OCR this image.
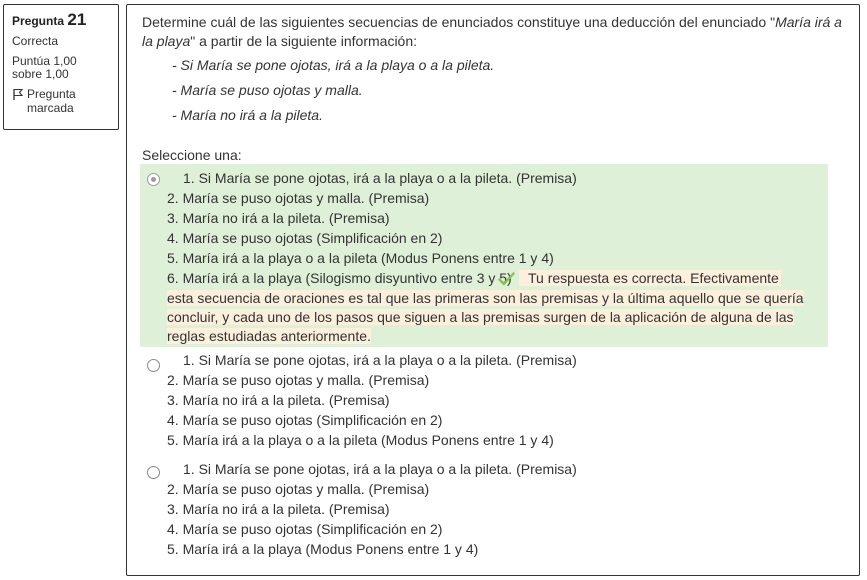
Pregunta 21
Correcta
Puntúa 1,00 sobre 1,00
Pregunta marcada
Determine cuál de las siguientes secuencias de enunciados constituye una deducción del enunciado "María irá a la playa" a partir de la siguiente información:
- Si María se pone ojotas, irá a la playa o a la pileta.
- María se puso ojotas y malla.
- María no irá a la pileta.
Seleccione una:
1. Si María se pone ojotas, irá a la playa o a la pileta. (Premisa)
2. María se puso ojotas y malla. (Premisa)
3. María no irá a la pileta. (Premisa)
4. María se puso ojotas (Simplificación en 2)
5. María irá a la playa o a la pileta (Modus Ponens entre 1 y 4)
6. María irá a la playa (Silogismo disyuntivo entre 3 y 5)	Tu respuesta es correcta. Efectivamente
esta secuencia de oraciones es tal que las primeras son las premisas y la última aquello que se quería concluir, y cada uno de los pasos que siguen a las premisas surgen de la aplicación de alguna de las reglas estudiadas anteriormente.
1. Si María se pone ojotas, irá a la playa o a la pileta. (Premisa)
2. María se puso ojotas y malla. (Premisa)
3. María no irá a la pileta. (Premisa)
4. María se puso ojotas (Simplificación en 2)
5. María irá a la playa o a la pileta (Modus Ponens entre 1 y 4)
1. Si María se pone ojotas, irá a la playa o a la pileta. (Premisa)
2. María se puso ojotas y malla. (Premisa)
3. María no irá a la pileta. (Premisa)
4. María se puso ojotas (Simplificación en 2)
5. María irá a la playa (Modus Ponens entre 1 y 4)
